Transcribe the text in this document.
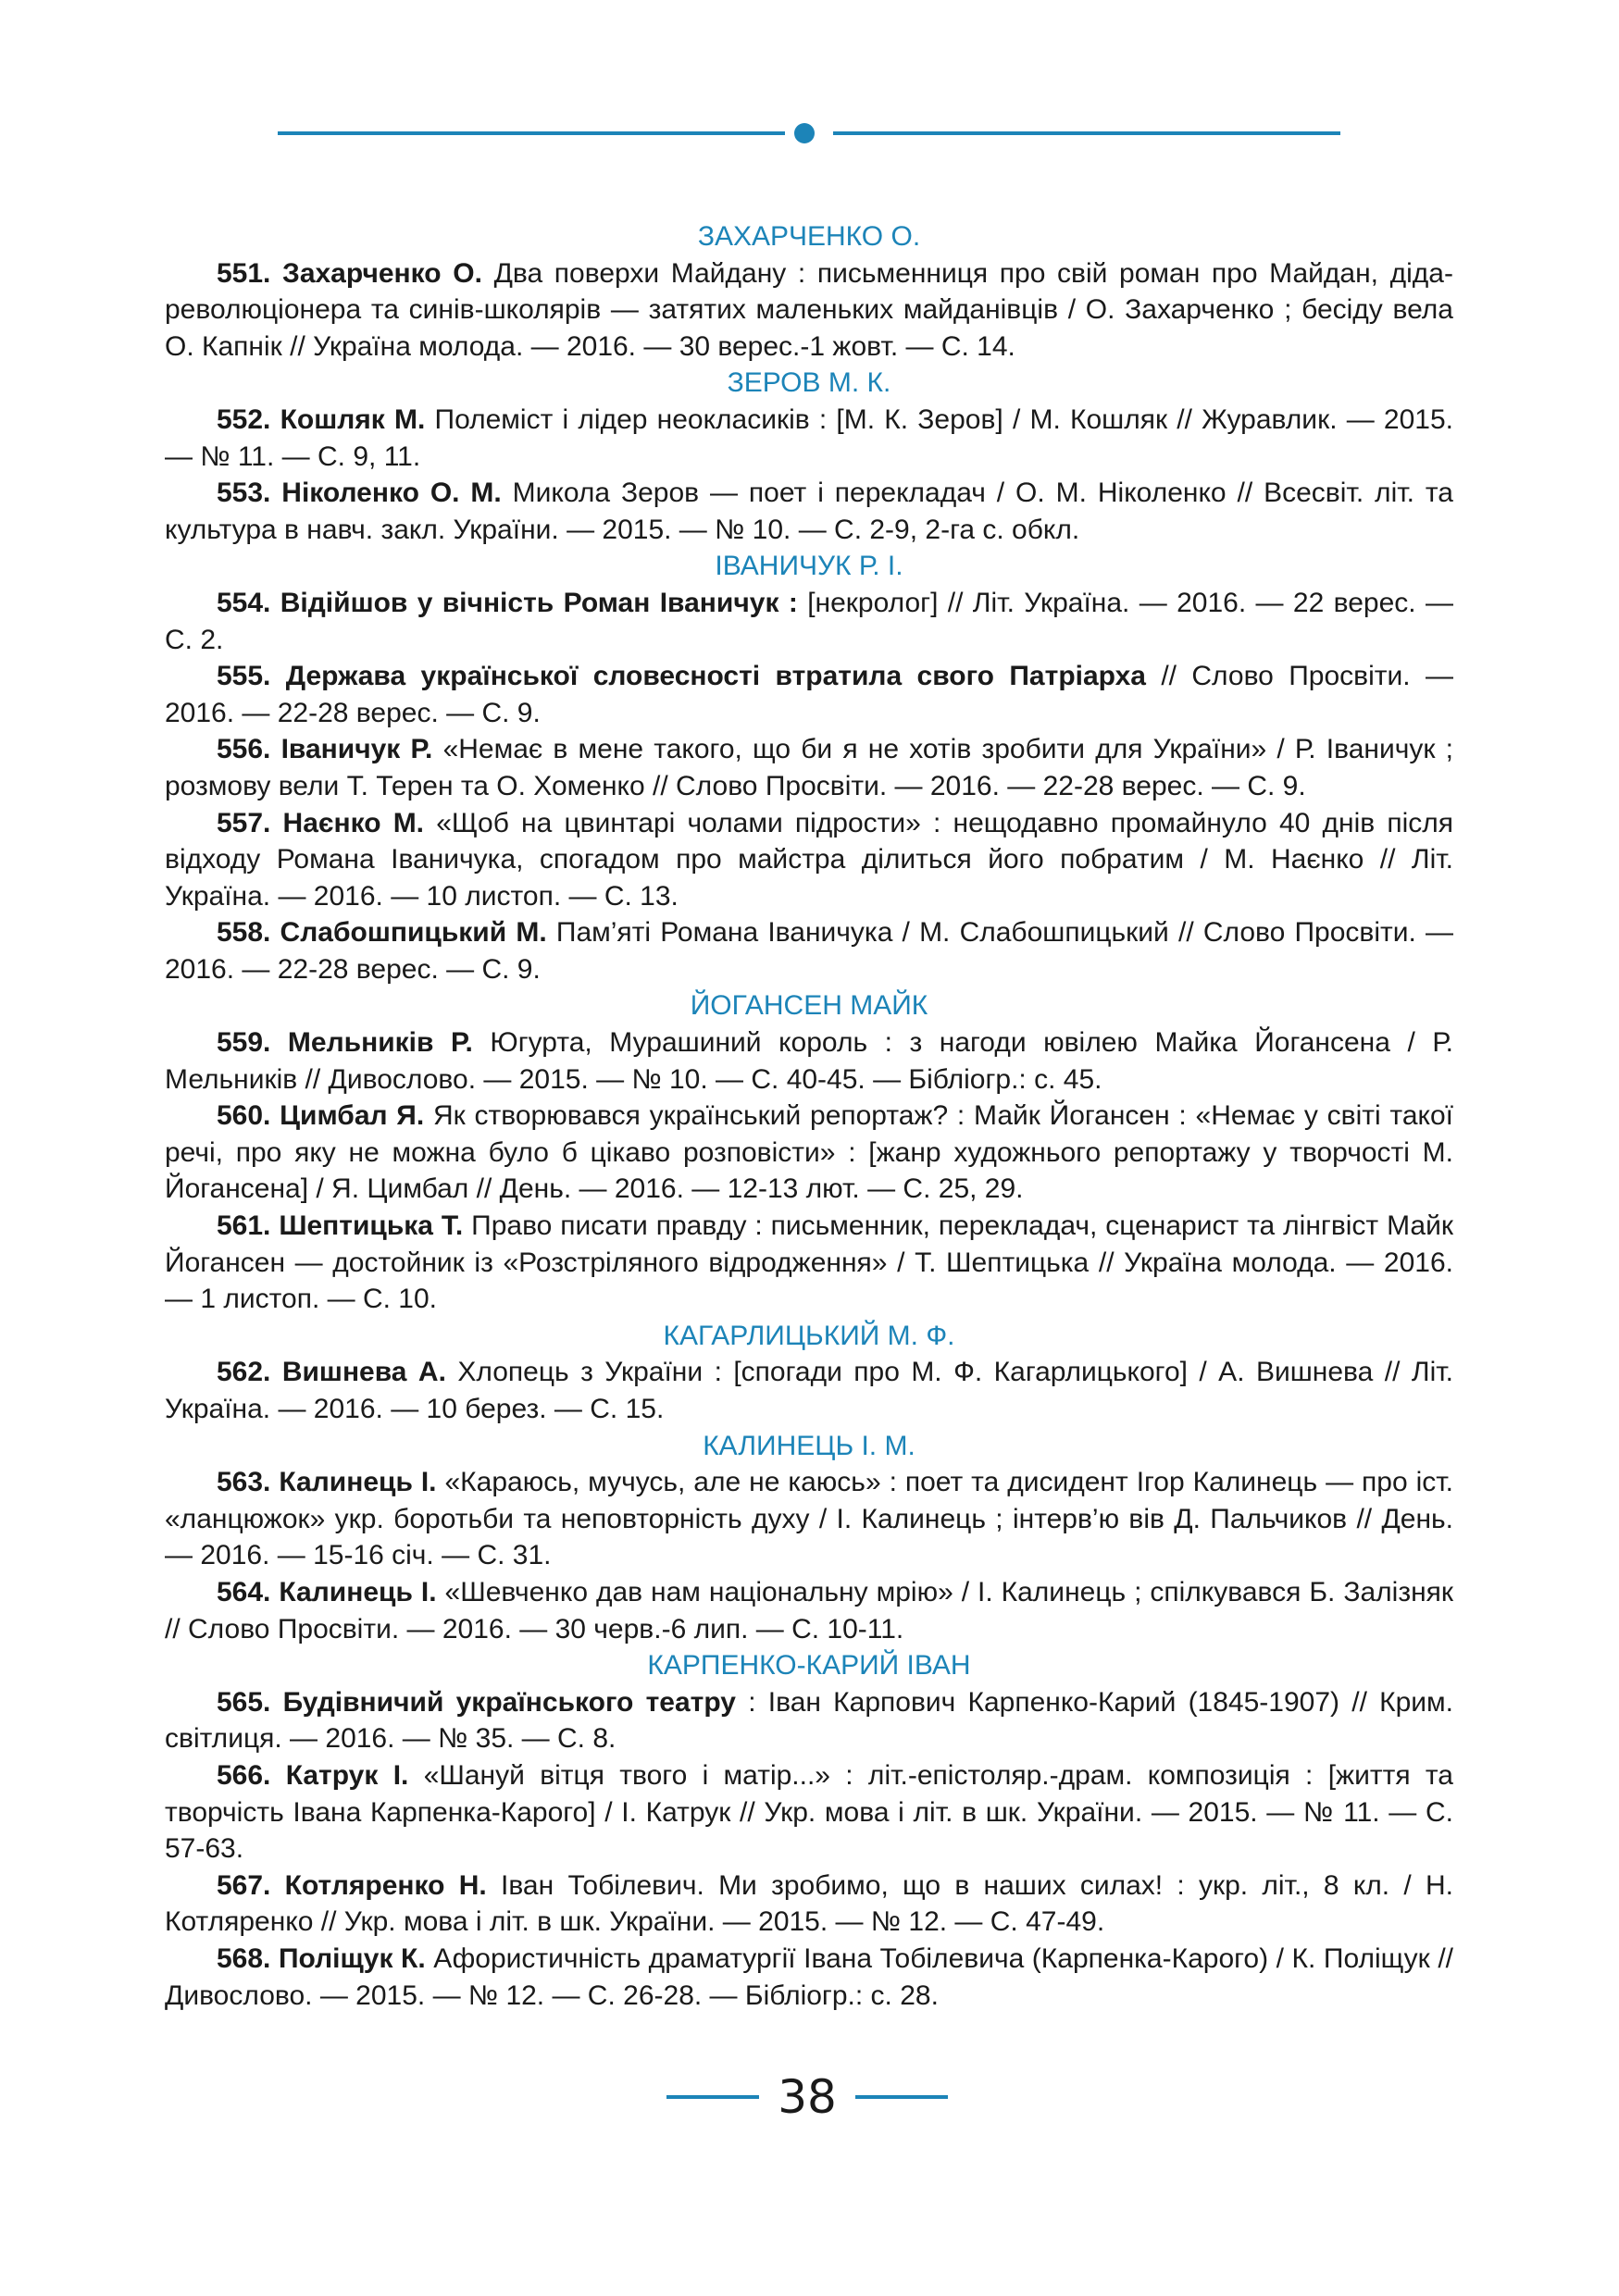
ЗАХАРЧЕНКО О.

551. Захарченко О. Два поверхи Майдану : письменниця про свій роман про Майдан, діда-революціонера та синів-школярів — затятих маленьких майданівців / О. Захарченко ; бесіду вела О. Капнік // Україна молода. — 2016. — 30 верес.-1 жовт. — С. 14.

ЗЕРОВ М. К.

552. Кошляк М. Полеміст і лідер неокласиків : [М. К. Зеров] / М. Кошляк // Журавлик. — 2015. — № 11. — С. 9, 11.

553. Ніколенко О. М. Микола Зеров — поет і перекладач / О. М. Ніколенко // Всесвіт. літ. та культура в навч. закл. України. — 2015. — № 10. — С. 2-9, 2-га с. обкл.

ІВАНИЧУК Р. І.

554. Відійшов у вічність Роман Іваничук : [некролог] // Літ. Україна. — 2016. — 22 верес. — С. 2.

555. Держава української словесності втратила свого Патріарха // Слово Просвіти. — 2016. — 22-28 верес. — С. 9.

556. Іваничук Р. «Немає в мене такого, що би я не хотів зробити для України» / Р. Іваничук ; розмову вели Т. Терен та О. Хоменко // Слово Просвіти. — 2016. — 22-28 верес. — С. 9.

557. Наєнко М. «Щоб на цвинтарі чолами підрости» : нещодавно промайнуло 40 днів після відходу Романа Іваничука, спогадом про майстра ділиться його побратим / М. Наєнко // Літ. Україна. — 2016. — 10 листоп. — С. 13.

558. Слабошпицький М. Пам’яті Романа Іваничука / М. Слабошпицький // Слово Просвіти. — 2016. — 22-28 верес. — С. 9.

ЙОГАНСЕН МАЙК

559. Мельників Р. Югурта, Мурашиний король : з нагоди ювілею Майка Йогансена / Р. Мельників // Дивослово. — 2015. — № 10. — С. 40-45. — Бібліогр.: с. 45.

560. Цимбал Я. Як створювався український репортаж? : Майк Йогансен : «Немає у світі такої речі, про яку не можна було б цікаво розповісти» : [жанр художнього репортажу у творчості М. Йогансена] / Я. Цимбал // День. — 2016. — 12-13 лют. — С. 25, 29.

561. Шептицька Т. Право писати правду : письменник, перекладач, сценарист та лінгвіст Майк Йогансен — достойник із «Розстріляного відродження» / Т. Шептицька // Україна молода. — 2016. — 1 листоп. — С. 10.

КАГАРЛИЦЬКИЙ М. Ф.

562. Вишнева А. Хлопець з України : [спогади про М. Ф. Кагарлицького] / А. Вишнева // Літ. Україна. — 2016. — 10 берез. — С. 15.

КАЛИНЕЦЬ І. М.

563. Калинець І. «Караюсь, мучусь, але не каюсь» : поет та дисидент Ігор Калинець — про іст. «ланцюжок» укр. боротьби та неповторність духу / І. Калинець ; інтерв’ю вів Д. Пальчиков // День. — 2016. — 15-16 січ. — С. 31.

564. Калинець І. «Шевченко дав нам національну мрію» / І. Калинець ; спілкувався Б. Залізняк // Слово Просвіти. — 2016. — 30 черв.-6 лип. — С. 10-11.

КАРПЕНКО-КАРИЙ ІВАН

565. Будівничий українського театру : Іван Карпович Карпенко-Карий (1845-1907) // Крим. світлиця. — 2016. — № 35. — С. 8.

566. Катрук І. «Шануй вітця твого і матір...» : літ.-епістоляр.-драм. композиція : [життя та творчість Івана Карпенка-Карого] / І. Катрук // Укр. мова і літ. в шк. України. — 2015. — № 11. — С. 57-63.

567. Котляренко Н. Іван Тобілевич. Ми зробимо, що в наших силах! : укр. літ., 8 кл. / Н. Котляренко // Укр. мова і літ. в шк. України. — 2015. — № 12. — С. 47-49.

568. Поліщук К. Афористичність драматургії Івана Тобілевича (Карпенка-Карого) / К. Поліщук // Дивослово. — 2015. — № 12. — С. 26-28. — Бібліогр.: с. 28.

38
